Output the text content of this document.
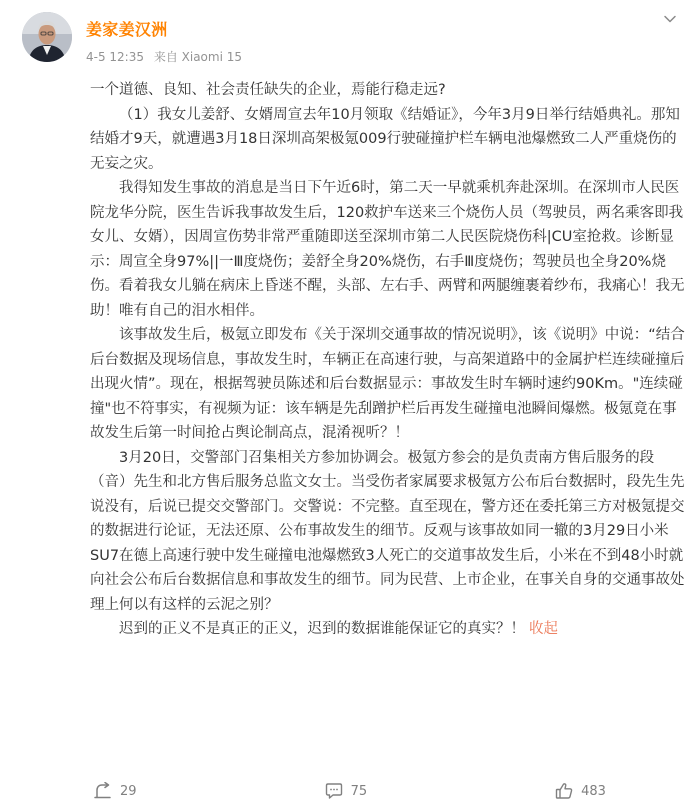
姜家姜汉洲
4-5 12:35 来自 Xiaomi 15

一个道德、良知、社会责任缺失的企业，焉能行稳走远?

（1）我女儿姜舒、女婿周宣去年10月领取《结婚证》，今年3月9日举行结婚典礼。那知结婚才9天，就遭遇3月18日深圳高架极氪009行驶碰撞护栏车辆电池爆燃致二人严重烧伤的无妄之灾。

我得知发生事故的消息是当日下午近6时，第二天一早就乘机奔赴深圳。在深圳市人民医院龙华分院，医生告诉我事故发生后，120救护车送来三个烧伤人员（驾驶员，两名乘客即我女儿、女婿），因周宣伤势非常严重随即送至深圳市第二人民医院烧伤科|CU室抢救。诊断显示：周宣全身97%||一Ⅲ度烧伤；姜舒全身20%烧伤，右手Ⅲ度烧伤；驾驶员也全身20%烧伤。看着我女儿躺在病床上昏迷不醒，头部、左右手、两臂和两腿缠裹着纱布，我痛心！我无助！唯有自己的泪水相伴。

该事故发生后，极氪立即发布《关于深圳交通事故的情况说明》，该《说明》中说：“结合后台数据及现场信息，事故发生时，车辆正在高速行驶，与高架道路中的金属护栏连续碰撞后出现火情”。现在，根据驾驶员陈述和后台数据显示：事故发生时车辆时速约90Km。"连续碰撞"也不符事实，有视频为证：该车辆是先刮蹭护栏后再发生碰撞电池瞬间爆燃。极氪竟在事故发生后第一时间抢占舆论制高点，混淆视听？！

3月20日，交警部门召集相关方参加协调会。极氪方参会的是负责南方售后服务的段（音）先生和北方售后服务总监文女士。当受伤者家属要求极氪方公布后台数据时，段先生先说没有，后说已提交交警部门。交警说：不完整。直至现在，警方还在委托第三方对极氪提交的数据进行论证，无法还原、公布事故发生的细节。反观与该事故如同一辙的3月29日小米SU7在德上高速行驶中发生碰撞电池爆燃致3人死亡的交道事故发生后，小米在不到48小时就向社会公布后台数据信息和事故发生的细节。同为民营、上市企业，在事关自身的交通事故处理上何以有这样的云泥之别？

迟到的正义不是真正的正义，迟到的数据谁能保证它的真实？！ 收起

29	75	483
